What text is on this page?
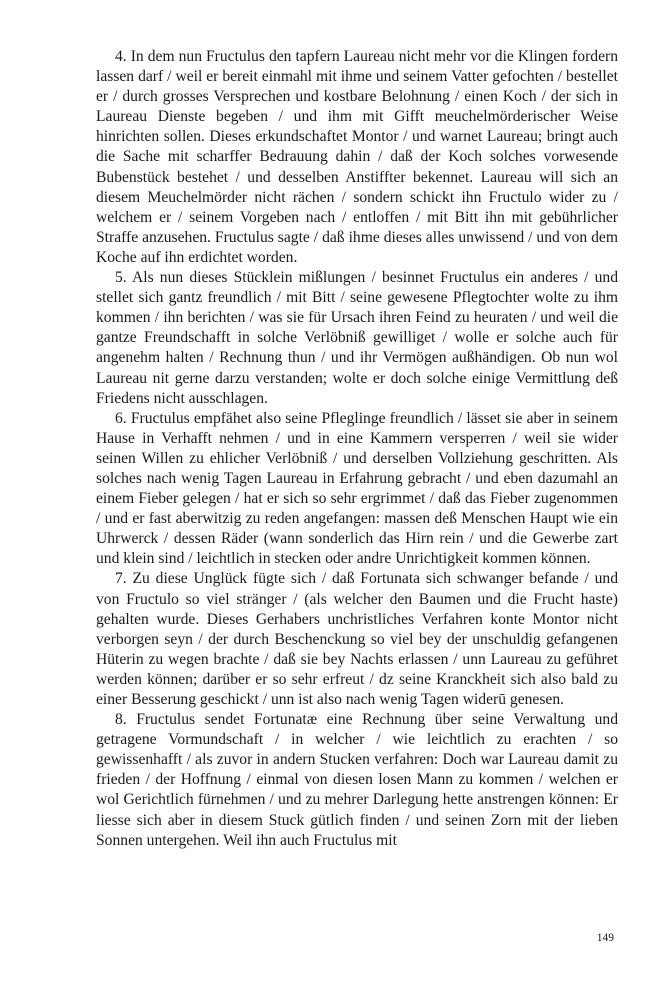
4. In dem nun Fructulus den tapfern Laureau nicht mehr vor die Klingen fordern lassen darf / weil er bereit einmahl mit ihme und seinem Vatter gefochten / bestellet er / durch grosses Versprechen und kostbare Belohnung / einen Koch / der sich in Laureau Dienste begeben / und ihm mit Gifft meuchelmörderischer Weise hinrichten sollen. Dieses erkundschaftet Montor / und warnet Laureau; bringt auch die Sache mit scharffer Bedrauung dahin / daß der Koch solches vorwesende Bubenstück bestehet / und desselben Anstiffter bekennet. Laureau will sich an diesem Meuchelmörder nicht rächen / sondern schickt ihn Fructulo wider zu / welchem er / seinem Vorgeben nach / entloffen / mit Bitt ihn mit gebührlicher Straffe anzusehen. Fructulus sagte / daß ihme dieses alles unwissend / und von dem Koche auf ihn erdichtet worden.

5. Als nun dieses Stücklein mißlungen / besinnet Fructulus ein anderes / und stellet sich gantz freundlich / mit Bitt / seine gewesene Pflegtochter wolte zu ihm kommen / ihn berichten / was sie für Ursach ihren Feind zu heuraten / und weil die gantze Freundschafft in solche Verlöbniß gewilliget / wolle er solche auch für angenehm halten / Rechnung thun / und ihr Vermögen außhändigen. Ob nun wol Laureau nit gerne darzu verstanden; wolte er doch solche einige Vermittlung deß Friedens nicht ausschlagen.

6. Fructulus empfähet also seine Pfleglinge freundlich / lässet sie aber in seinem Hause in Verhafft nehmen / und in eine Kammern versperren / weil sie wider seinen Willen zu ehlicher Verlöbniß / und derselben Vollziehung geschritten. Als solches nach wenig Tagen Laureau in Erfahrung gebracht / und eben dazumahl an einem Fieber gelegen / hat er sich so sehr ergrimmet / daß das Fieber zugenommen / und er fast aberwitzig zu reden angefangen: massen deß Menschen Haupt wie ein Uhrwerck / dessen Räder (wann sonderlich das Hirn rein / und die Gewerbe zart und klein sind / leichtlich in stecken oder andre Unrichtigkeit kommen können.

7. Zu diese Unglück fügte sich / daß Fortunata sich schwanger befande / und von Fructulo so viel stränger / (als welcher den Baumen und die Frucht haste) gehalten wurde. Dieses Gerhabers unchristliches Verfahren konte Montor nicht verborgen seyn / der durch Beschenckung so viel bey der unschuldig gefangenen Hüterin zu wegen brachte / daß sie bey Nachts erlassen / unn Laureau zu geführet werden können; darüber er so sehr erfreut / dz seine Kranckheit sich also bald zu einer Besserung geschickt / unn ist also nach wenig Tagen widerū genesen.

8. Fructulus sendet Fortunatæ eine Rechnung über seine Verwaltung und getragene Vormundschaft / in welcher / wie leichtlich zu erachten / so gewissenhafft / als zuvor in andern Stucken verfahren: Doch war Laureau damit zu frieden / der Hoffnung / einmal von diesen losen Mann zu kommen / welchen er wol Gerichtlich fürnehmen / und zu mehrer Darlegung hette anstrengen können: Er liesse sich aber in diesem Stuck gütlich finden / und seinen Zorn mit der lieben Sonnen untergehen. Weil ihn auch Fructulus mit

149
